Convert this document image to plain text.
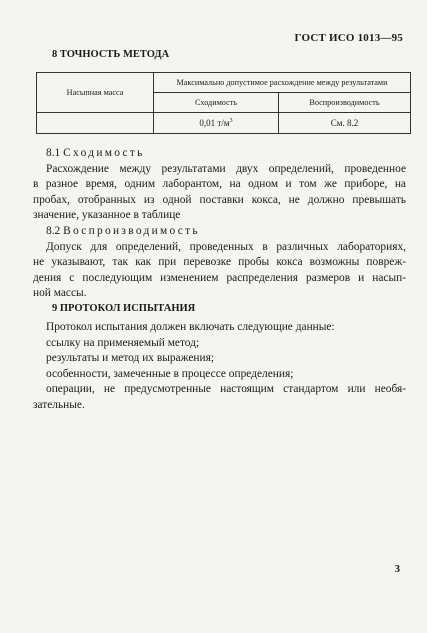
ГОСТ ИСО 1013—95
8 ТОЧНОСТЬ МЕТОДА
Насыпная масса	Максимально допустимое расхождение между результатами	
	Сходимость	Воспроизводимость
	0,01 $т/м^3$	См. 8.2
8.1 Сходимость
Расхождение между результатами двух определений, проведенное
в разное время, одним лаборантом, на одном и том же приборе, на
пробах, отобранных из одной поставки кокса, не должно превышать
значение, указанное в таблице
8.2 Воспроизводимость
Допуск для определений, проведенных в различных лабораториях,
не указывают, так как при перевозке пробы кокса возможны повреж-
дения с последующим изменением распределения размеров и насып-
ной массы.
9 ПРОТОКОЛ ИСПЫТАНИЯ
Протокол испытания должен включать следующие данные:
ссылку на применяемый метод;
результаты и метод их выражения;
особенности, замеченные в процессе определения;
операции, не предусмотренные настоящим стандартом или необя-
зательные.
3
